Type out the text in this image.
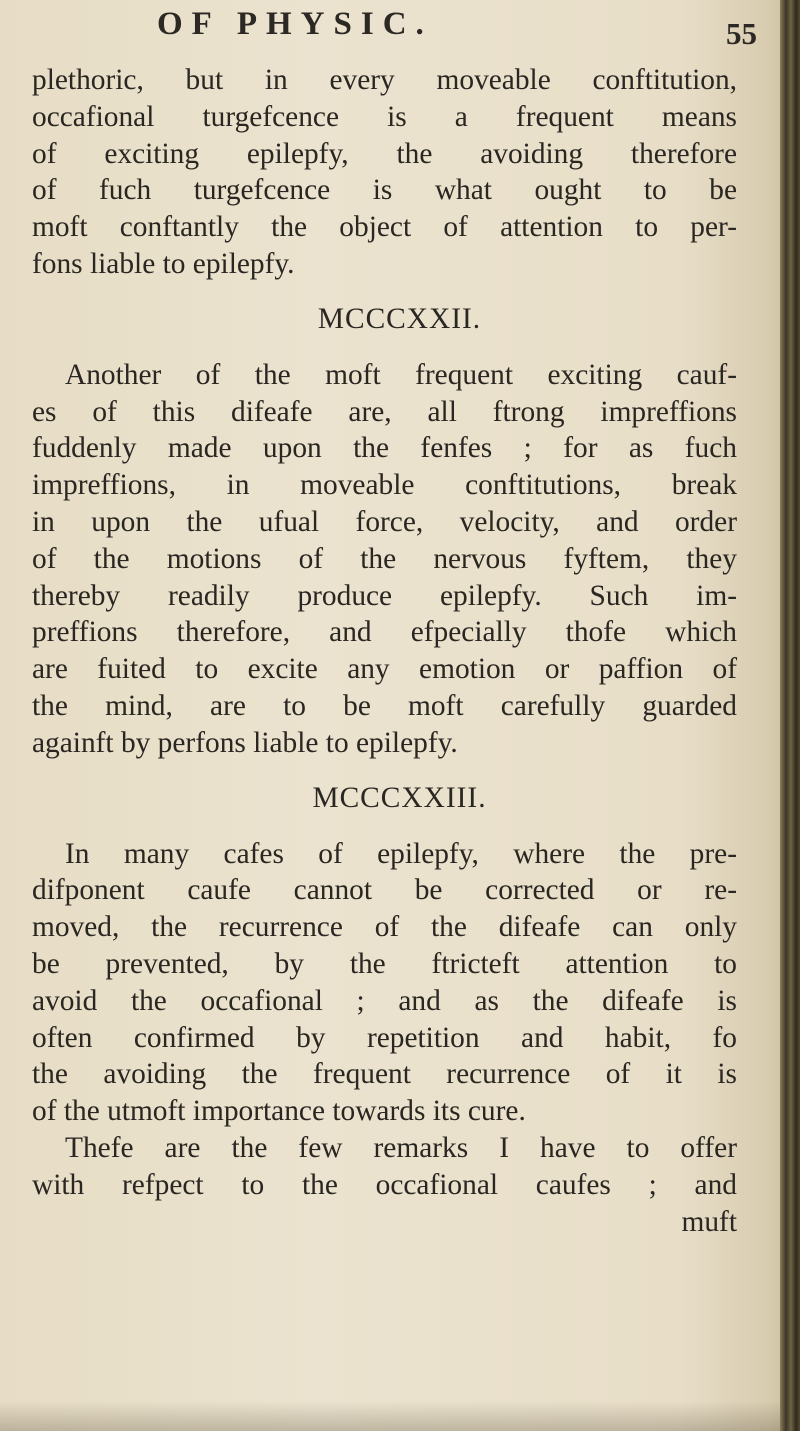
OF PHYSIC.	55
plethoric, but in every moveable conftitution,
occafional turgefcence is a frequent means
of exciting epilepfy, the avoiding therefore
of fuch turgefcence is what ought to be
moft conftantly the object of attention to per-
fons liable to epilepfy.
MCCCXXII.
Another of the moft frequent exciting cauf-
es of this difeafe are, all ftrong impreffions
fuddenly made upon the fenfes ; for as fuch
impreffions, in moveable conftitutions, break
in upon the ufual force, velocity, and order
of the motions of the nervous fyftem, they
thereby readily produce epilepfy. Such im-
preffions therefore, and efpecially thofe which
are fuited to excite any emotion or paffion of
the mind, are to be moft carefully guarded
againft by perfons liable to epilepfy.
MCCCXXIII.
In many cafes of epilepfy, where the pre-
difponent caufe cannot be corrected or re-
moved, the recurrence of the difeafe can only
be prevented, by the ftricteft attention to
avoid the occafional ; and as the difeafe is
often confirmed by repetition and habit, fo
the avoiding the frequent recurrence of it is
of the utmoft importance towards its cure.
Thefe are the few remarks I have to offer
with refpect to the occafional caufes ; and
muft
